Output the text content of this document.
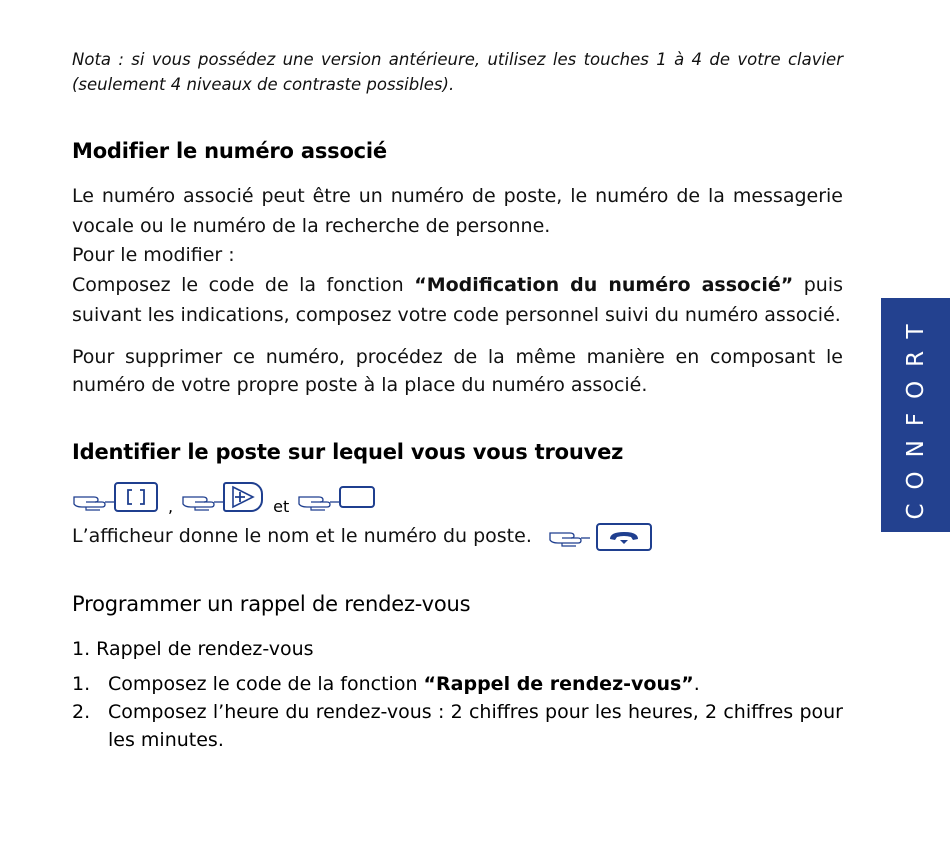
Nota : si vous possédez une version antérieure, utilisez les touches 1 à 4 de votre clavier (seulement 4 niveaux de contraste possibles).
Modifier le numéro associé
Le numéro associé peut être un numéro de poste, le numéro de la messagerie vocale ou le numéro de la recherche de personne.
Pour le modifier :
Composez le code de la fonction “Modification du numéro associé” puis suivant les indications, composez votre code personnel suivi du numéro associé.
Pour supprimer ce numéro, procédez de la même manière en composant le numéro de votre propre poste à la place du numéro associé.
Identifier le poste sur lequel vous vous trouvez
,	et
L’afficheur donne le nom et le numéro du poste.
Programmer un rappel de rendez-vous
1. Rappel de rendez-vous
1. Composez le code de la fonction “Rappel de rendez-vous”.
2. Composez l’heure du rendez-vous : 2 chiffres pour les heures, 2 chiffres pour les minutes.
CONFORT
